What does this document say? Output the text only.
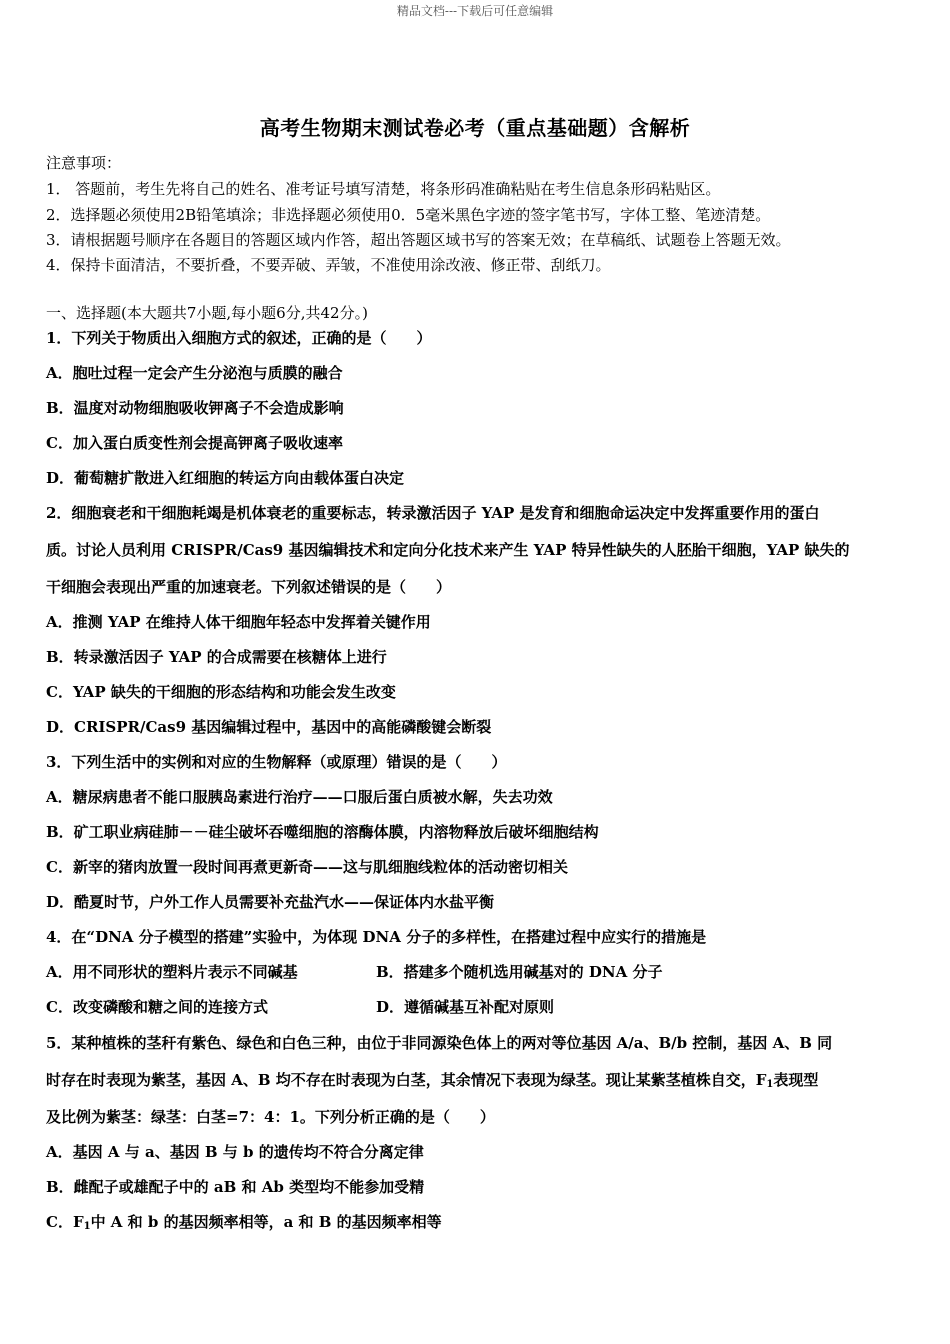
精品文档---下载后可任意编辑
高考生物期末测试卷必考（重点基础题）含解析
注意事项：
1． 答题前，考生先将自己的姓名、准考证号填写清楚，将条形码准确粘贴在考生信息条形码粘贴区。
2．选择题必须使用2B铅笔填涂；非选择题必须使用0．5毫米黑色字迹的签字笔书写，字体工整、笔迹清楚。
3．请根据题号顺序在各题目的答题区域内作答，超出答题区域书写的答案无效；在草稿纸、试题卷上答题无效。
4．保持卡面清洁，不要折叠，不要弄破、弄皱，不准使用涂改液、修正带、刮纸刀。
一、选择题(本大题共7小题,每小题6分,共42分。)
1．下列关于物质出入细胞方式的叙述，正确的是（　　）
A．胞吐过程一定会产生分泌泡与质膜的融合
B．温度对动物细胞吸收钾离子不会造成影响
C．加入蛋白质变性剂会提高钾离子吸收速率
D．葡萄糖扩散进入红细胞的转运方向由载体蛋白决定
2．细胞衰老和干细胞耗竭是机体衰老的重要标志，转录激活因子 YAP 是发育和细胞命运决定中发挥重要作用的蛋白
质。讨论人员利用 CRISPR/Cas9 基因编辑技术和定向分化技术来产生 YAP 特异性缺失的人胚胎干细胞，YAP 缺失的
干细胞会表现出严重的加速衰老。下列叙述错误的是（　　）
A．推测 YAP 在维持人体干细胞年轻态中发挥着关键作用
B．转录激活因子 YAP 的合成需要在核糖体上进行
C．YAP 缺失的干细胞的形态结构和功能会发生改变
D．CRISPR/Cas9 基因编辑过程中，基因中的高能磷酸键会断裂
3．下列生活中的实例和对应的生物解释（或原理）错误的是（　　）
A．糖尿病患者不能口服胰岛素进行治疗——口服后蛋白质被水解，失去功效
B．矿工职业病硅肺－－硅尘破坏吞噬细胞的溶酶体膜，内溶物释放后破坏细胞结构
C．新宰的猪肉放置一段时间再煮更新奇——这与肌细胞线粒体的活动密切相关
D．酷夏时节，户外工作人员需要补充盐汽水——保证体内水盐平衡
4．在“DNA 分子模型的搭建”实验中，为体现 DNA 分子的多样性，在搭建过程中应实行的措施是
A．用不同形状的塑料片表示不同碱基	B．搭建多个随机选用碱基对的 DNA 分子
C．改变磷酸和糖之间的连接方式	D．遵循碱基互补配对原则
5．某种植株的茎秆有紫色、绿色和白色三种，由位于非同源染色体上的两对等位基因 A/a、B/b 控制，基因 A、B 同
时存在时表现为紫茎，基因 A、B 均不存在时表现为白茎，其余情况下表现为绿茎。现让某紫茎植株自交，$F_1$表现型
及比例为紫茎：绿茎：白茎=7：4：1。下列分析正确的是（　　）
A．基因 A 与 a、基因 B 与 b 的遗传均不符合分离定律
B．雌配子或雄配子中的 aB 和 Ab 类型均不能参加受精
C．$F_1$中 A 和 b 的基因频率相等，a 和 B 的基因频率相等
